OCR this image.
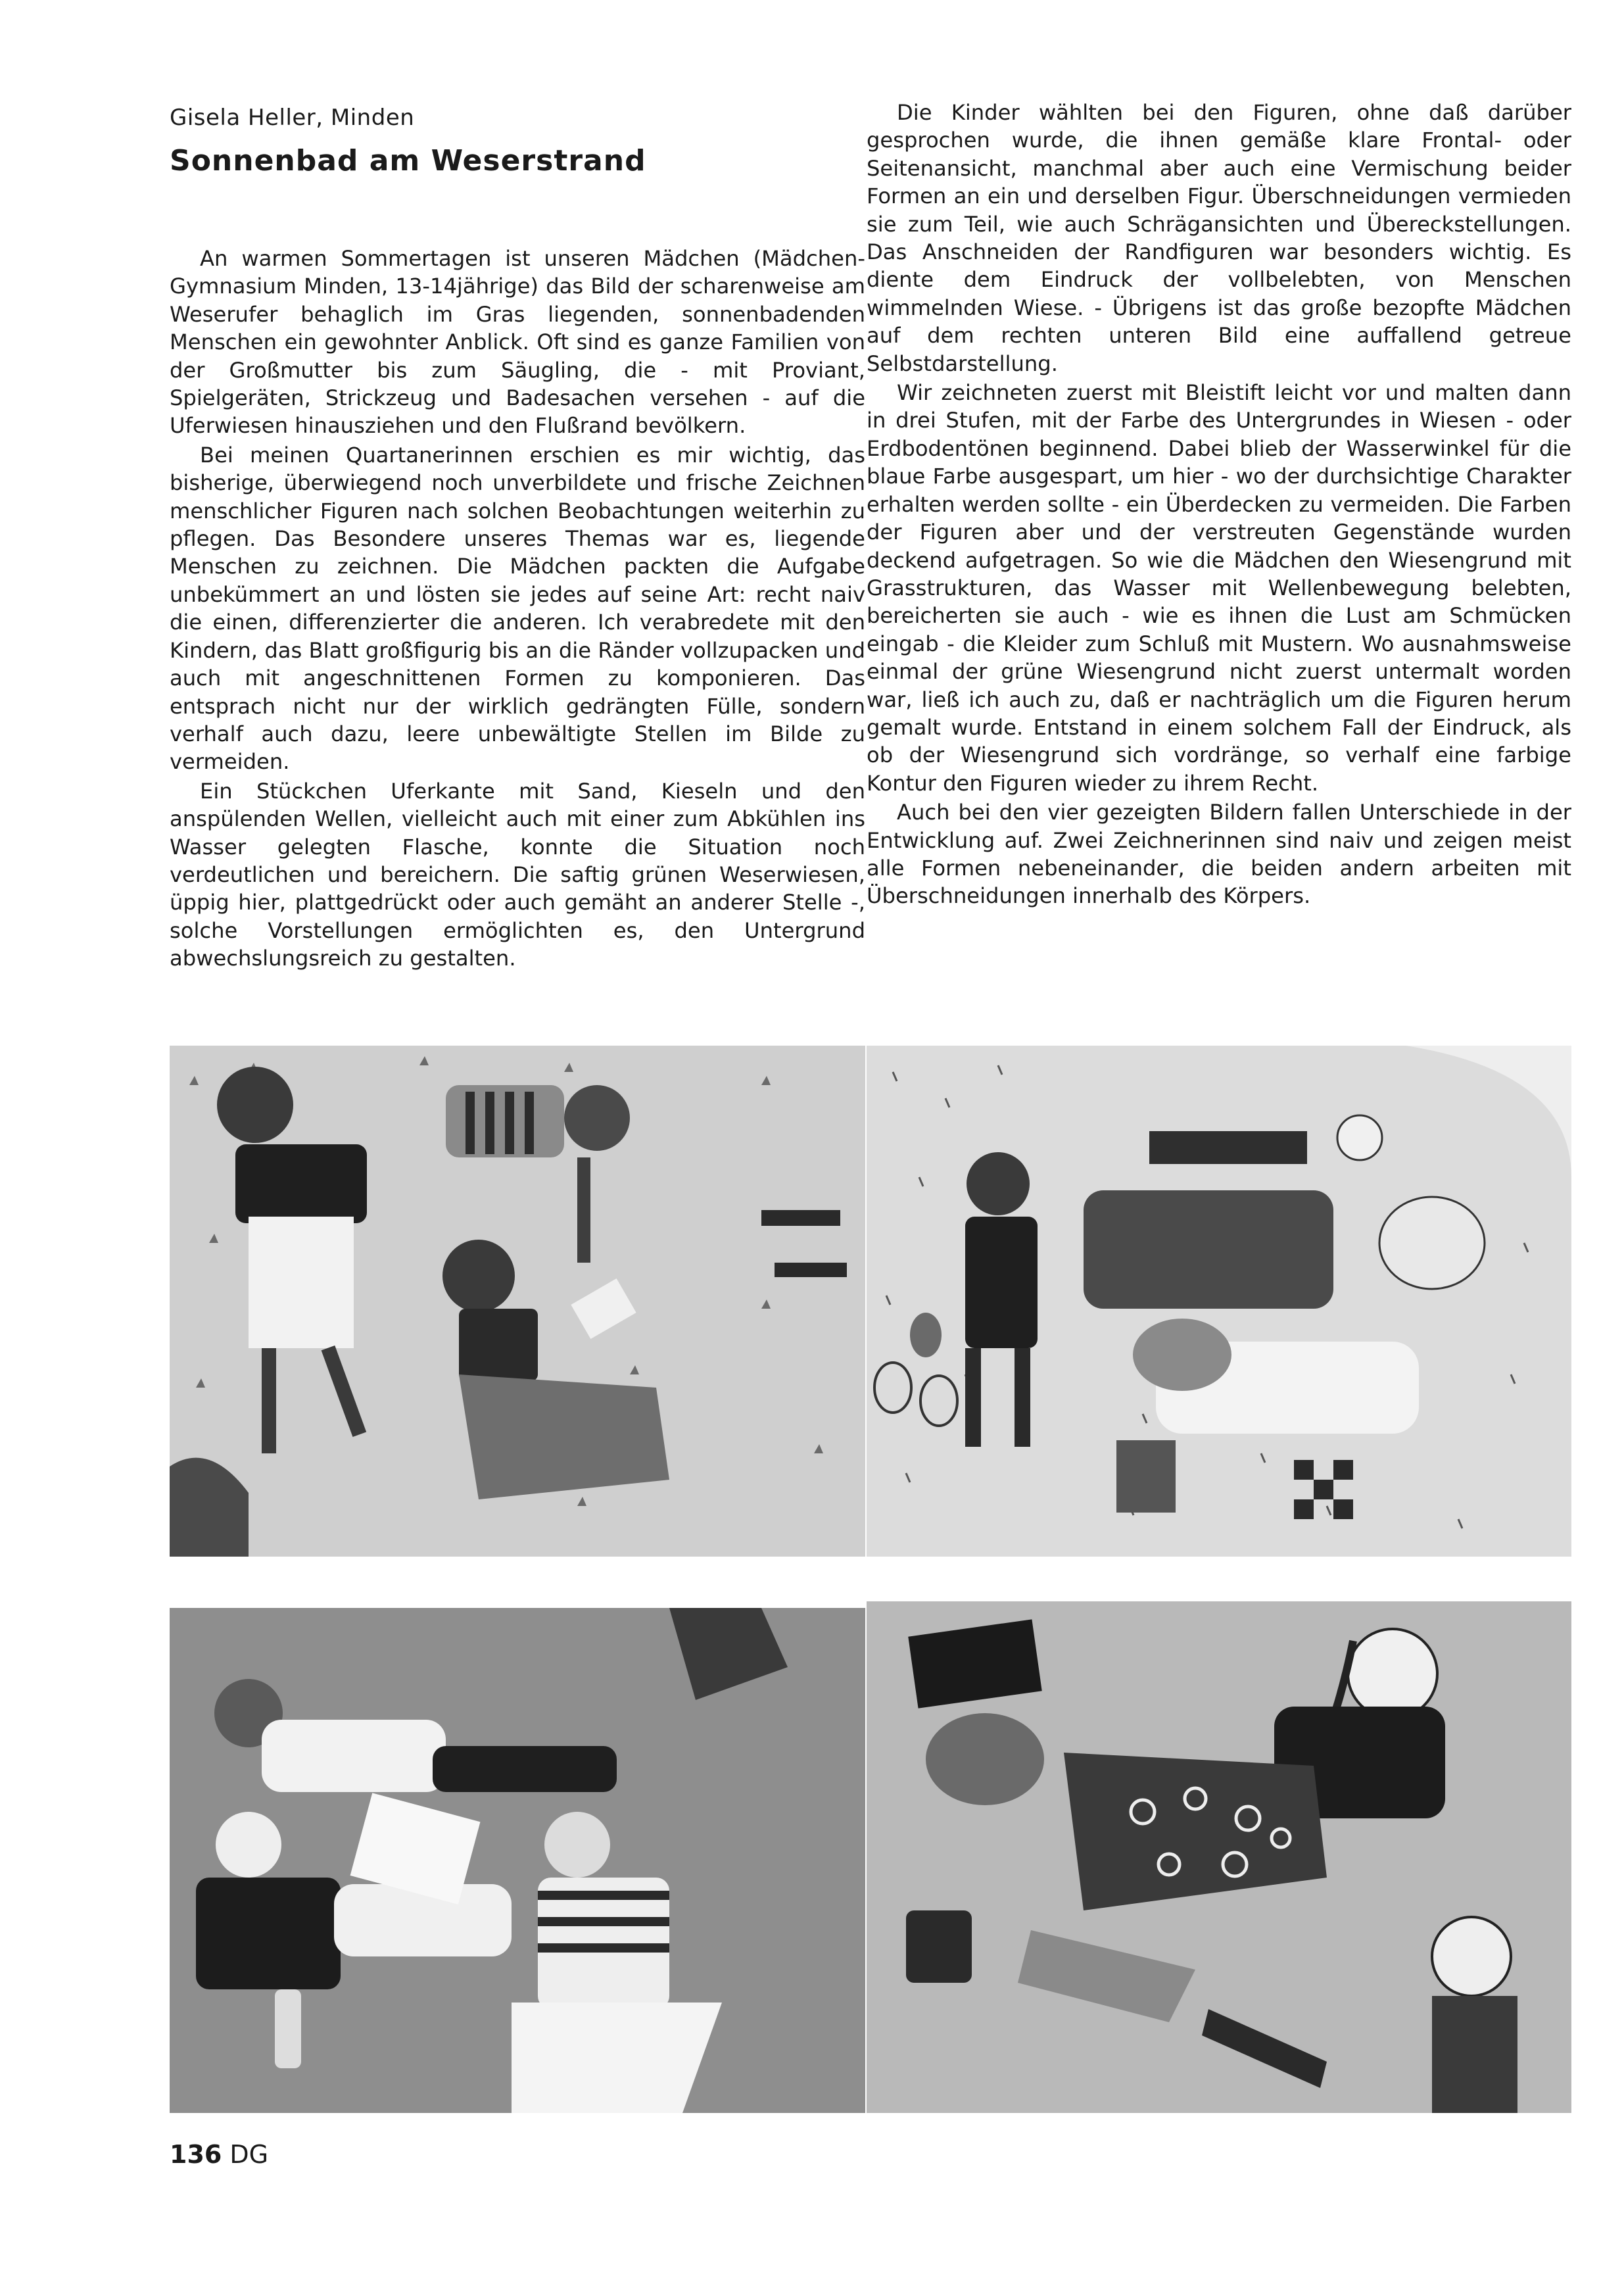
Gisela Heller, Minden
Sonnenbad am Weserstrand

An warmen Sommertagen ist unseren Mädchen (Mädchen-Gymnasium Minden, 13-14jährige) das Bild der scharenweise am Weserufer behaglich im Gras liegenden, sonnenbadenden Menschen ein gewohnter Anblick. Oft sind es ganze Familien von der Großmutter bis zum Säugling, die - mit Proviant, Spielgeräten, Strickzeug und Badesachen versehen - auf die Uferwiesen hinausziehen und den Flußrand bevölkern.

Bei meinen Quartanerinnen erschien es mir wichtig, das bisherige, überwiegend noch unverbildete und frische Zeichnen menschlicher Figuren nach solchen Beobachtungen weiterhin zu pflegen. Das Besondere unseres Themas war es, liegende Menschen zu zeichnen. Die Mädchen packten die Aufgabe unbekümmert an und lösten sie jedes auf seine Art: recht naiv die einen, differenzierter die anderen. Ich verabredete mit den Kindern, das Blatt großfigurig bis an die Ränder vollzupacken und auch mit angeschnittenen Formen zu komponieren. Das entsprach nicht nur der wirklich gedrängten Fülle, sondern verhalf auch dazu, leere unbewältigte Stellen im Bilde zu vermeiden.

Ein Stückchen Uferkante mit Sand, Kieseln und den anspülenden Wellen, vielleicht auch mit einer zum Abkühlen ins Wasser gelegten Flasche, konnte die Situation noch verdeutlichen und bereichern. Die saftig grünen Weserwiesen, üppig hier, plattgedrückt oder auch gemäht an anderer Stelle -, solche Vorstellungen ermöglichten es, den Untergrund abwechslungsreich zu gestalten.

Die Kinder wählten bei den Figuren, ohne daß darüber gesprochen wurde, die ihnen gemäße klare Frontal- oder Seitenansicht, manchmal aber auch eine Vermischung beider Formen an ein und derselben Figur. Überschneidungen vermieden sie zum Teil, wie auch Schrägansichten und Übereckstellungen. Das Anschneiden der Randfiguren war besonders wichtig. Es diente dem Eindruck der vollbelebten, von Menschen wimmelnden Wiese. - Übrigens ist das große bezopfte Mädchen auf dem rechten unteren Bild eine auffallend getreue Selbstdarstellung.

Wir zeichneten zuerst mit Bleistift leicht vor und malten dann in drei Stufen, mit der Farbe des Untergrundes in Wiesen - oder Erdbodentönen beginnend. Dabei blieb der Wasserwinkel für die blaue Farbe ausgespart, um hier - wo der durchsichtige Charakter erhalten werden sollte - ein Überdecken zu vermeiden. Die Farben der Figuren aber und der verstreuten Gegenstände wurden deckend aufgetragen. So wie die Mädchen den Wiesengrund mit Grasstrukturen, das Wasser mit Wellenbewegung belebten, bereicherten sie auch - wie es ihnen die Lust am Schmücken eingab - die Kleider zum Schluß mit Mustern. Wo ausnahmsweise einmal der grüne Wiesengrund nicht zuerst untermalt worden war, ließ ich auch zu, daß er nachträglich um die Figuren herum gemalt wurde. Entstand in einem solchem Fall der Eindruck, als ob der Wiesengrund sich vordränge, so verhalf eine farbige Kontur den Figuren wieder zu ihrem Recht.

Auch bei den vier gezeigten Bildern fallen Unterschiede in der Entwicklung auf. Zwei Zeichnerinnen sind naiv und zeigen meist alle Formen nebeneinander, die beiden andern arbeiten mit Überschneidungen innerhalb des Körpers.

136 DG
